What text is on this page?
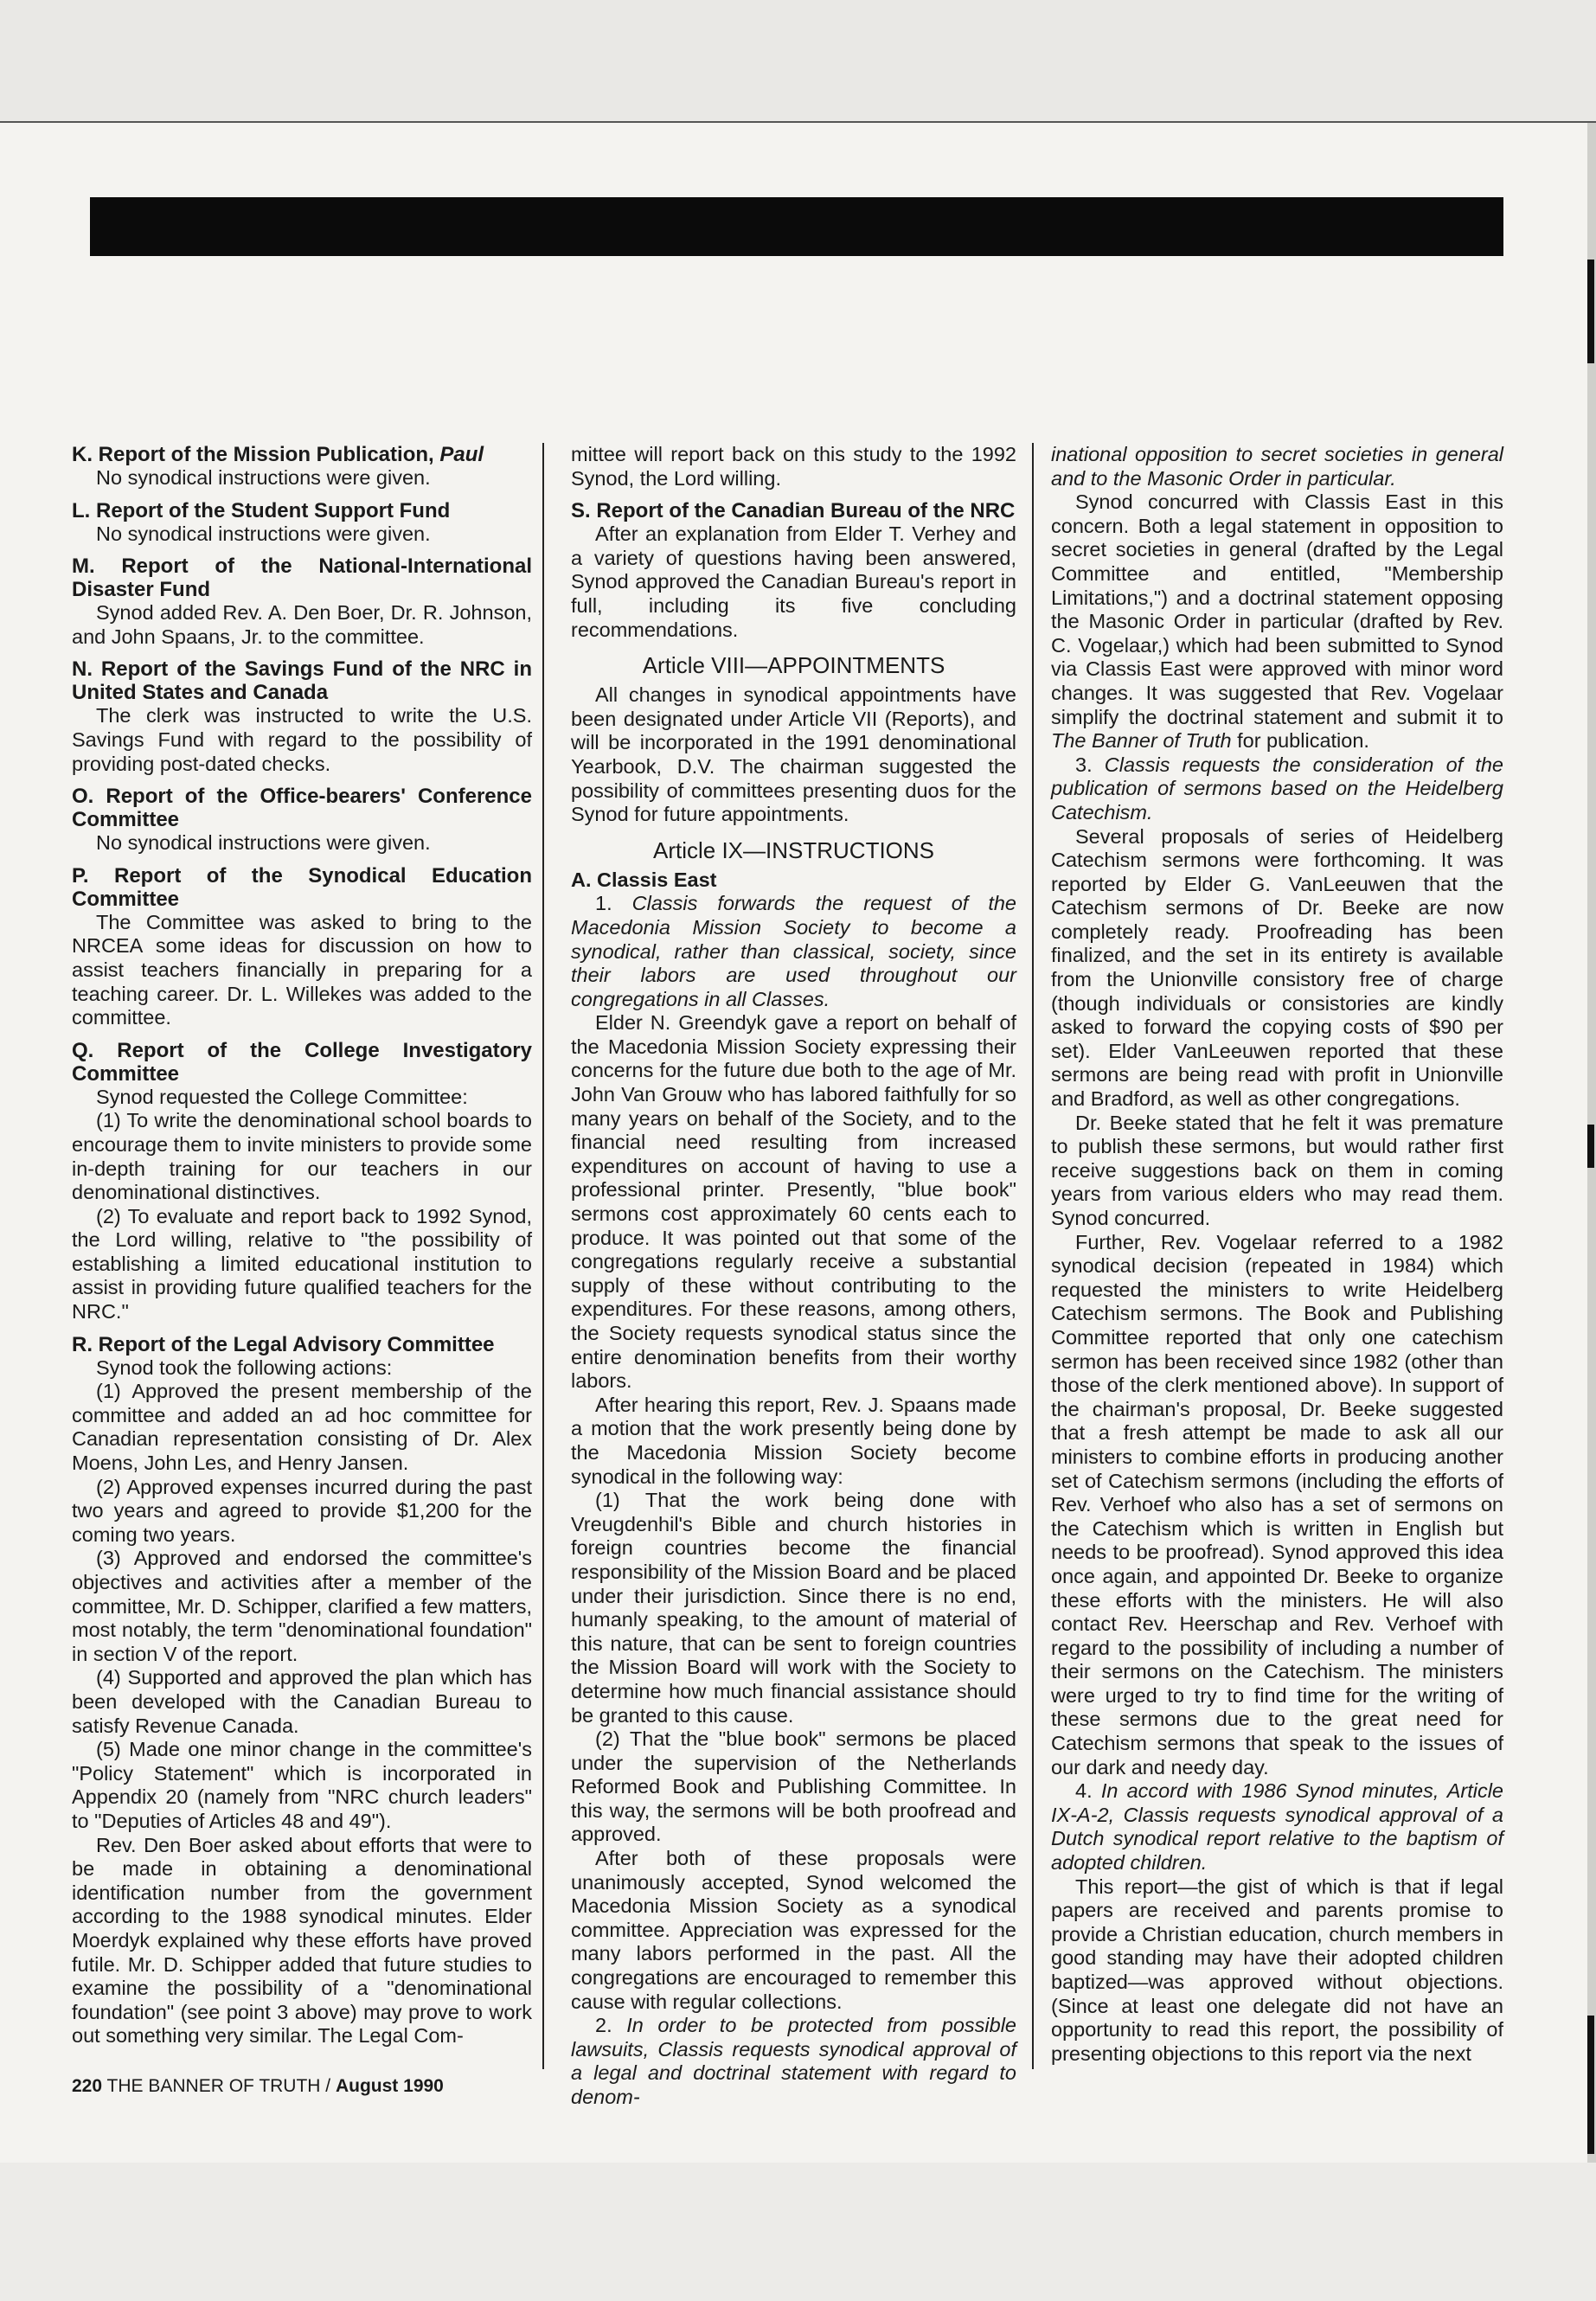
K. Report of the Mission Publication, Paul

No synodical instructions were given.

L. Report of the Student Support Fund

No synodical instructions were given.

M. Report of the National-International Disaster Fund

Synod added Rev. A. Den Boer, Dr. R. Johnson, and John Spaans, Jr. to the committee.

N. Report of the Savings Fund of the NRC in United States and Canada

The clerk was instructed to write the U.S. Savings Fund with regard to the possibility of providing post-dated checks.

O. Report of the Office-bearers' Conference Committee

No synodical instructions were given.

P. Report of the Synodical Education Committee

The Committee was asked to bring to the NRCEA some ideas for discussion on how to assist teachers financially in preparing for a teaching career. Dr. L. Willekes was added to the committee.

Q. Report of the College Investigatory Committee

Synod requested the College Committee:

(1) To write the denominational school boards to encourage them to invite ministers to provide some in-depth training for our teachers in our denominational distinctives.

(2) To evaluate and report back to 1992 Synod, the Lord willing, relative to "the possibility of establishing a limited educational institution to assist in providing future qualified teachers for the NRC."

R. Report of the Legal Advisory Committee

Synod took the following actions:

(1) Approved the present membership of the committee and added an ad hoc committee for Canadian representation consisting of Dr. Alex Moens, John Les, and Henry Jansen.

(2) Approved expenses incurred during the past two years and agreed to provide $1,200 for the coming two years.

(3) Approved and endorsed the committee's objectives and activities after a member of the committee, Mr. D. Schipper, clarified a few matters, most notably, the term "denominational foundation" in section V of the report.

(4) Supported and approved the plan which has been developed with the Canadian Bureau to satisfy Revenue Canada.

(5) Made one minor change in the committee's "Policy Statement" which is incorporated in Appendix 20 (namely from "NRC church leaders" to "Deputies of Articles 48 and 49").

Rev. Den Boer asked about efforts that were to be made in obtaining a denominational identification number from the government according to the 1988 synodical minutes. Elder Moerdyk explained why these efforts have proved futile. Mr. D. Schipper added that future studies to examine the possibility of a "denominational foundation" (see point 3 above) may prove to work out something very similar. The Legal Com-

mittee will report back on this study to the 1992 Synod, the Lord willing.

S. Report of the Canadian Bureau of the NRC

After an explanation from Elder T. Verhey and a variety of questions having been answered, Synod approved the Canadian Bureau's report in full, including its five concluding recommendations.

Article VIII—APPOINTMENTS

All changes in synodical appointments have been designated under Article VII (Reports), and will be incorporated in the 1991 denominational Yearbook, D.V. The chairman suggested the possibility of committees presenting duos for the Synod for future appointments.

Article IX—INSTRUCTIONS

A. Classis East

1. Classis forwards the request of the Macedonia Mission Society to become a synodical, rather than classical, society, since their labors are used throughout our congregations in all Classes.

Elder N. Greendyk gave a report on behalf of the Macedonia Mission Society expressing their concerns for the future due both to the age of Mr. John Van Grouw who has labored faithfully for so many years on behalf of the Society, and to the financial need resulting from increased expenditures on account of having to use a professional printer. Presently, "blue book" sermons cost approximately 60 cents each to produce. It was pointed out that some of the congregations regularly receive a substantial supply of these without contributing to the expenditures. For these reasons, among others, the Society requests synodical status since the entire denomination benefits from their worthy labors.

After hearing this report, Rev. J. Spaans made a motion that the work presently being done by the Macedonia Mission Society become synodical in the following way:

(1) That the work being done with Vreugdenhil's Bible and church histories in foreign countries become the financial responsibility of the Mission Board and be placed under their jurisdiction. Since there is no end, humanly speaking, to the amount of material of this nature, that can be sent to foreign countries the Mission Board will work with the Society to determine how much financial assistance should be granted to this cause.

(2) That the "blue book" sermons be placed under the supervision of the Netherlands Reformed Book and Publishing Committee. In this way, the sermons will be both proofread and approved.

After both of these proposals were unanimously accepted, Synod welcomed the Macedonia Mission Society as a synodical committee. Appreciation was expressed for the many labors performed in the past. All the congregations are encouraged to remember this cause with regular collections.

2. In order to be protected from possible lawsuits, Classis requests synodical approval of a legal and doctrinal statement with regard to denom-

inational opposition to secret societies in general and to the Masonic Order in particular.

Synod concurred with Classis East in this concern. Both a legal statement in opposition to secret societies in general (drafted by the Legal Committee and entitled, "Membership Limitations,") and a doctrinal statement opposing the Masonic Order in particular (drafted by Rev. C. Vogelaar,) which had been submitted to Synod via Classis East were approved with minor word changes. It was suggested that Rev. Vogelaar simplify the doctrinal statement and submit it to The Banner of Truth for publication.

3. Classis requests the consideration of the publication of sermons based on the Heidelberg Catechism.

Several proposals of series of Heidelberg Catechism sermons were forthcoming. It was reported by Elder G. VanLeeuwen that the Catechism sermons of Dr. Beeke are now completely ready. Proofreading has been finalized, and the set in its entirety is available from the Unionville consistory free of charge (though individuals or consistories are kindly asked to forward the copying costs of $90 per set). Elder VanLeeuwen reported that these sermons are being read with profit in Unionville and Bradford, as well as other congregations.

Dr. Beeke stated that he felt it was premature to publish these sermons, but would rather first receive suggestions back on them in coming years from various elders who may read them. Synod concurred.

Further, Rev. Vogelaar referred to a 1982 synodical decision (repeated in 1984) which requested the ministers to write Heidelberg Catechism sermons. The Book and Publishing Committee reported that only one catechism sermon has been received since 1982 (other than those of the clerk mentioned above). In support of the chairman's proposal, Dr. Beeke suggested that a fresh attempt be made to ask all our ministers to combine efforts in producing another set of Catechism sermons (including the efforts of Rev. Verhoef who also has a set of sermons on the Catechism which is written in English but needs to be proofread). Synod approved this idea once again, and appointed Dr. Beeke to organize these efforts with the ministers. He will also contact Rev. Heerschap and Rev. Verhoef with regard to the possibility of including a number of their sermons on the Catechism. The ministers were urged to try to find time for the writing of these sermons due to the great need for Catechism sermons that speak to the issues of our dark and needy day.

4. In accord with 1986 Synod minutes, Article IX-A-2, Classis requests synodical approval of a Dutch synodical report relative to the baptism of adopted children.

This report—the gist of which is that if legal papers are received and parents promise to provide a Christian education, church members in good standing may have their adopted children baptized—was approved without objections. (Since at least one delegate did not have an opportunity to read this report, the possibility of presenting objections to this report via the next

220 THE BANNER OF TRUTH / August 1990
